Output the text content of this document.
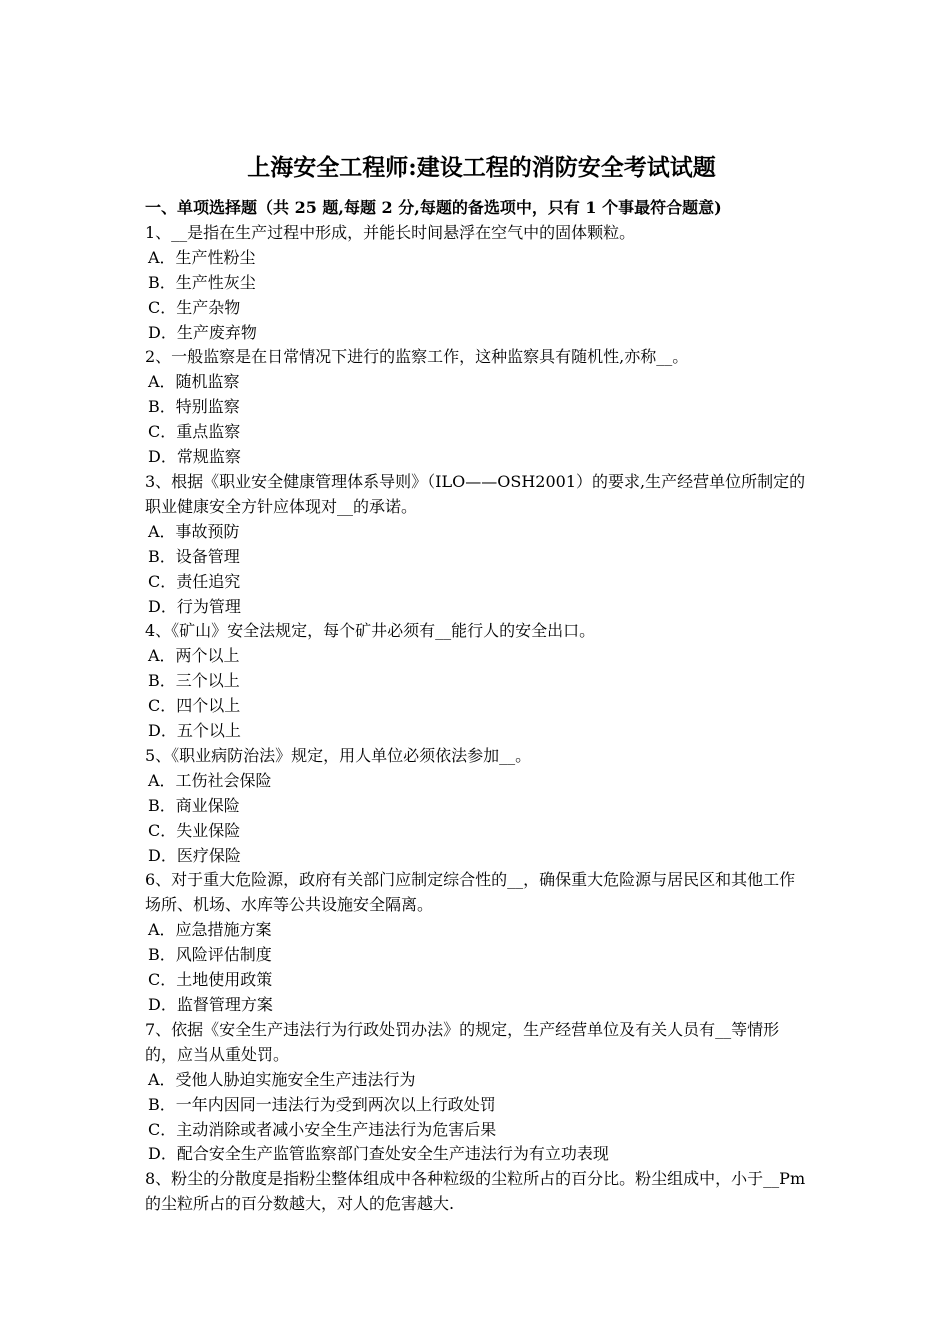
上海安全工程师:建设工程的消防安全考试试题
一、单项选择题（共 25 题,每题 2 分,每题的备选项中，只有 1 个事最符合题意)
1、__是指在生产过程中形成，并能长时间悬浮在空气中的固体颗粒。
A．生产性粉尘
B．生产性灰尘
C．生产杂物
D．生产废弃物
2、一般监察是在日常情况下进行的监察工作，这种监察具有随机性,亦称__。
A．随机监察
B．特别监察
C．重点监察
D．常规监察
3、根据《职业安全健康管理体系导则》（ILO——OSH2001）的要求,生产经营单位所制定的职业健康安全方针应体现对__的承诺。
A．事故预防
B．设备管理
C．责任追究
D．行为管理
4、《矿山》安全法规定，每个矿井必须有__能行人的安全出口。
A．两个以上
B．三个以上
C．四个以上
D．五个以上
5、《职业病防治法》规定，用人单位必须依法参加__。
A．工伤社会保险
B．商业保险
C．失业保险
D．医疗保险
6、对于重大危险源，政府有关部门应制定综合性的__，确保重大危险源与居民区和其他工作场所、机场、水库等公共设施安全隔离。
A．应急措施方案
B．风险评估制度
C．土地使用政策
D．监督管理方案
7、依据《安全生产违法行为行政处罚办法》的规定，生产经营单位及有关人员有__等情形的，应当从重处罚。
A．受他人胁迫实施安全生产违法行为
B．一年内因同一违法行为受到两次以上行政处罚
C．主动消除或者减小安全生产违法行为危害后果
D．配合安全生产监管监察部门查处安全生产违法行为有立功表现
8、粉尘的分散度是指粉尘整体组成中各种粒级的尘粒所占的百分比。粉尘组成中，小于__Pm 的尘粒所占的百分数越大，对人的危害越大.
